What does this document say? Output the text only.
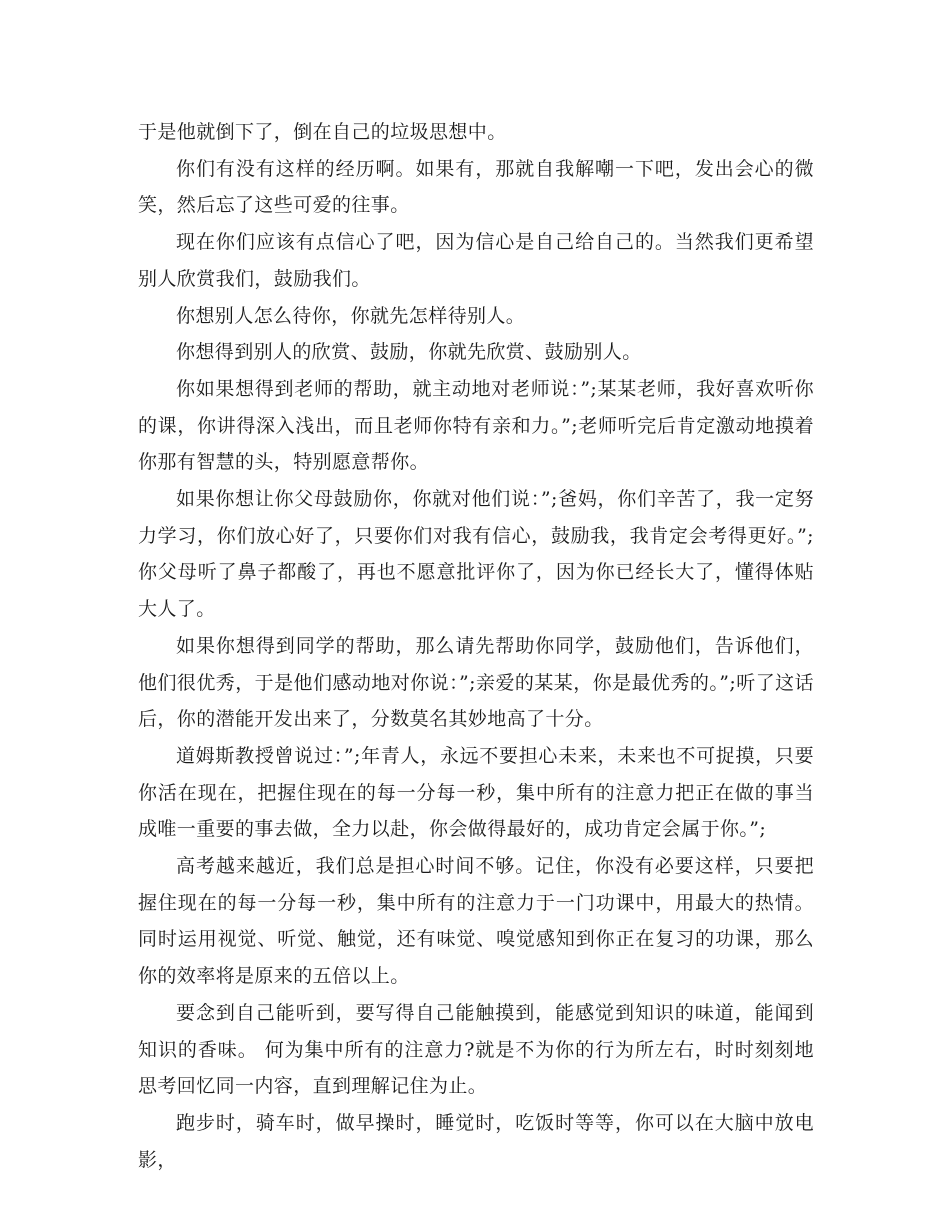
于是他就倒下了，倒在自己的垃圾思想中。

你们有没有这样的经历啊。如果有，那就自我解嘲一下吧，发出会心的微笑，然后忘了这些可爱的往事。

现在你们应该有点信心了吧，因为信心是自己给自己的。当然我们更希望别人欣赏我们，鼓励我们。

你想别人怎么待你，你就先怎样待别人。

你想得到别人的欣赏、鼓励，你就先欣赏、鼓励别人。

你如果想得到老师的帮助，就主动地对老师说：”;某某老师，我好喜欢听你的课，你讲得深入浅出，而且老师你特有亲和力。”;老师听完后肯定激动地摸着你那有智慧的头，特别愿意帮你。

如果你想让你父母鼓励你，你就对他们说：”;爸妈，你们辛苦了，我一定努力学习，你们放心好了，只要你们对我有信心，鼓励我，我肯定会考得更好。”;你父母听了鼻子都酸了，再也不愿意批评你了，因为你已经长大了，懂得体贴大人了。

如果你想得到同学的帮助，那么请先帮助你同学，鼓励他们，告诉他们，他们很优秀，于是他们感动地对你说：”;亲爱的某某，你是最优秀的。”;听了这话后，你的潜能开发出来了，分数莫名其妙地高了十分。

道姆斯教授曾说过：”;年青人，永远不要担心未来，未来也不可捉摸，只要你活在现在，把握住现在的每一分每一秒，集中所有的注意力把正在做的事当成唯一重要的事去做，全力以赴，你会做得最好的，成功肯定会属于你。”;

高考越来越近，我们总是担心时间不够。记住，你没有必要这样，只要把握住现在的每一分每一秒，集中所有的注意力于一门功课中，用最大的热情。同时运用视觉、听觉、触觉，还有味觉、嗅觉感知到你正在复习的功课，那么你的效率将是原来的五倍以上。

要念到自己能听到，要写得自己能触摸到，能感觉到知识的味道，能闻到知识的香味。 何为集中所有的注意力?就是不为你的行为所左右，时时刻刻地思考回忆同一内容，直到理解记住为止。

跑步时，骑车时，做早操时，睡觉时，吃饭时等等，你可以在大脑中放电影，
